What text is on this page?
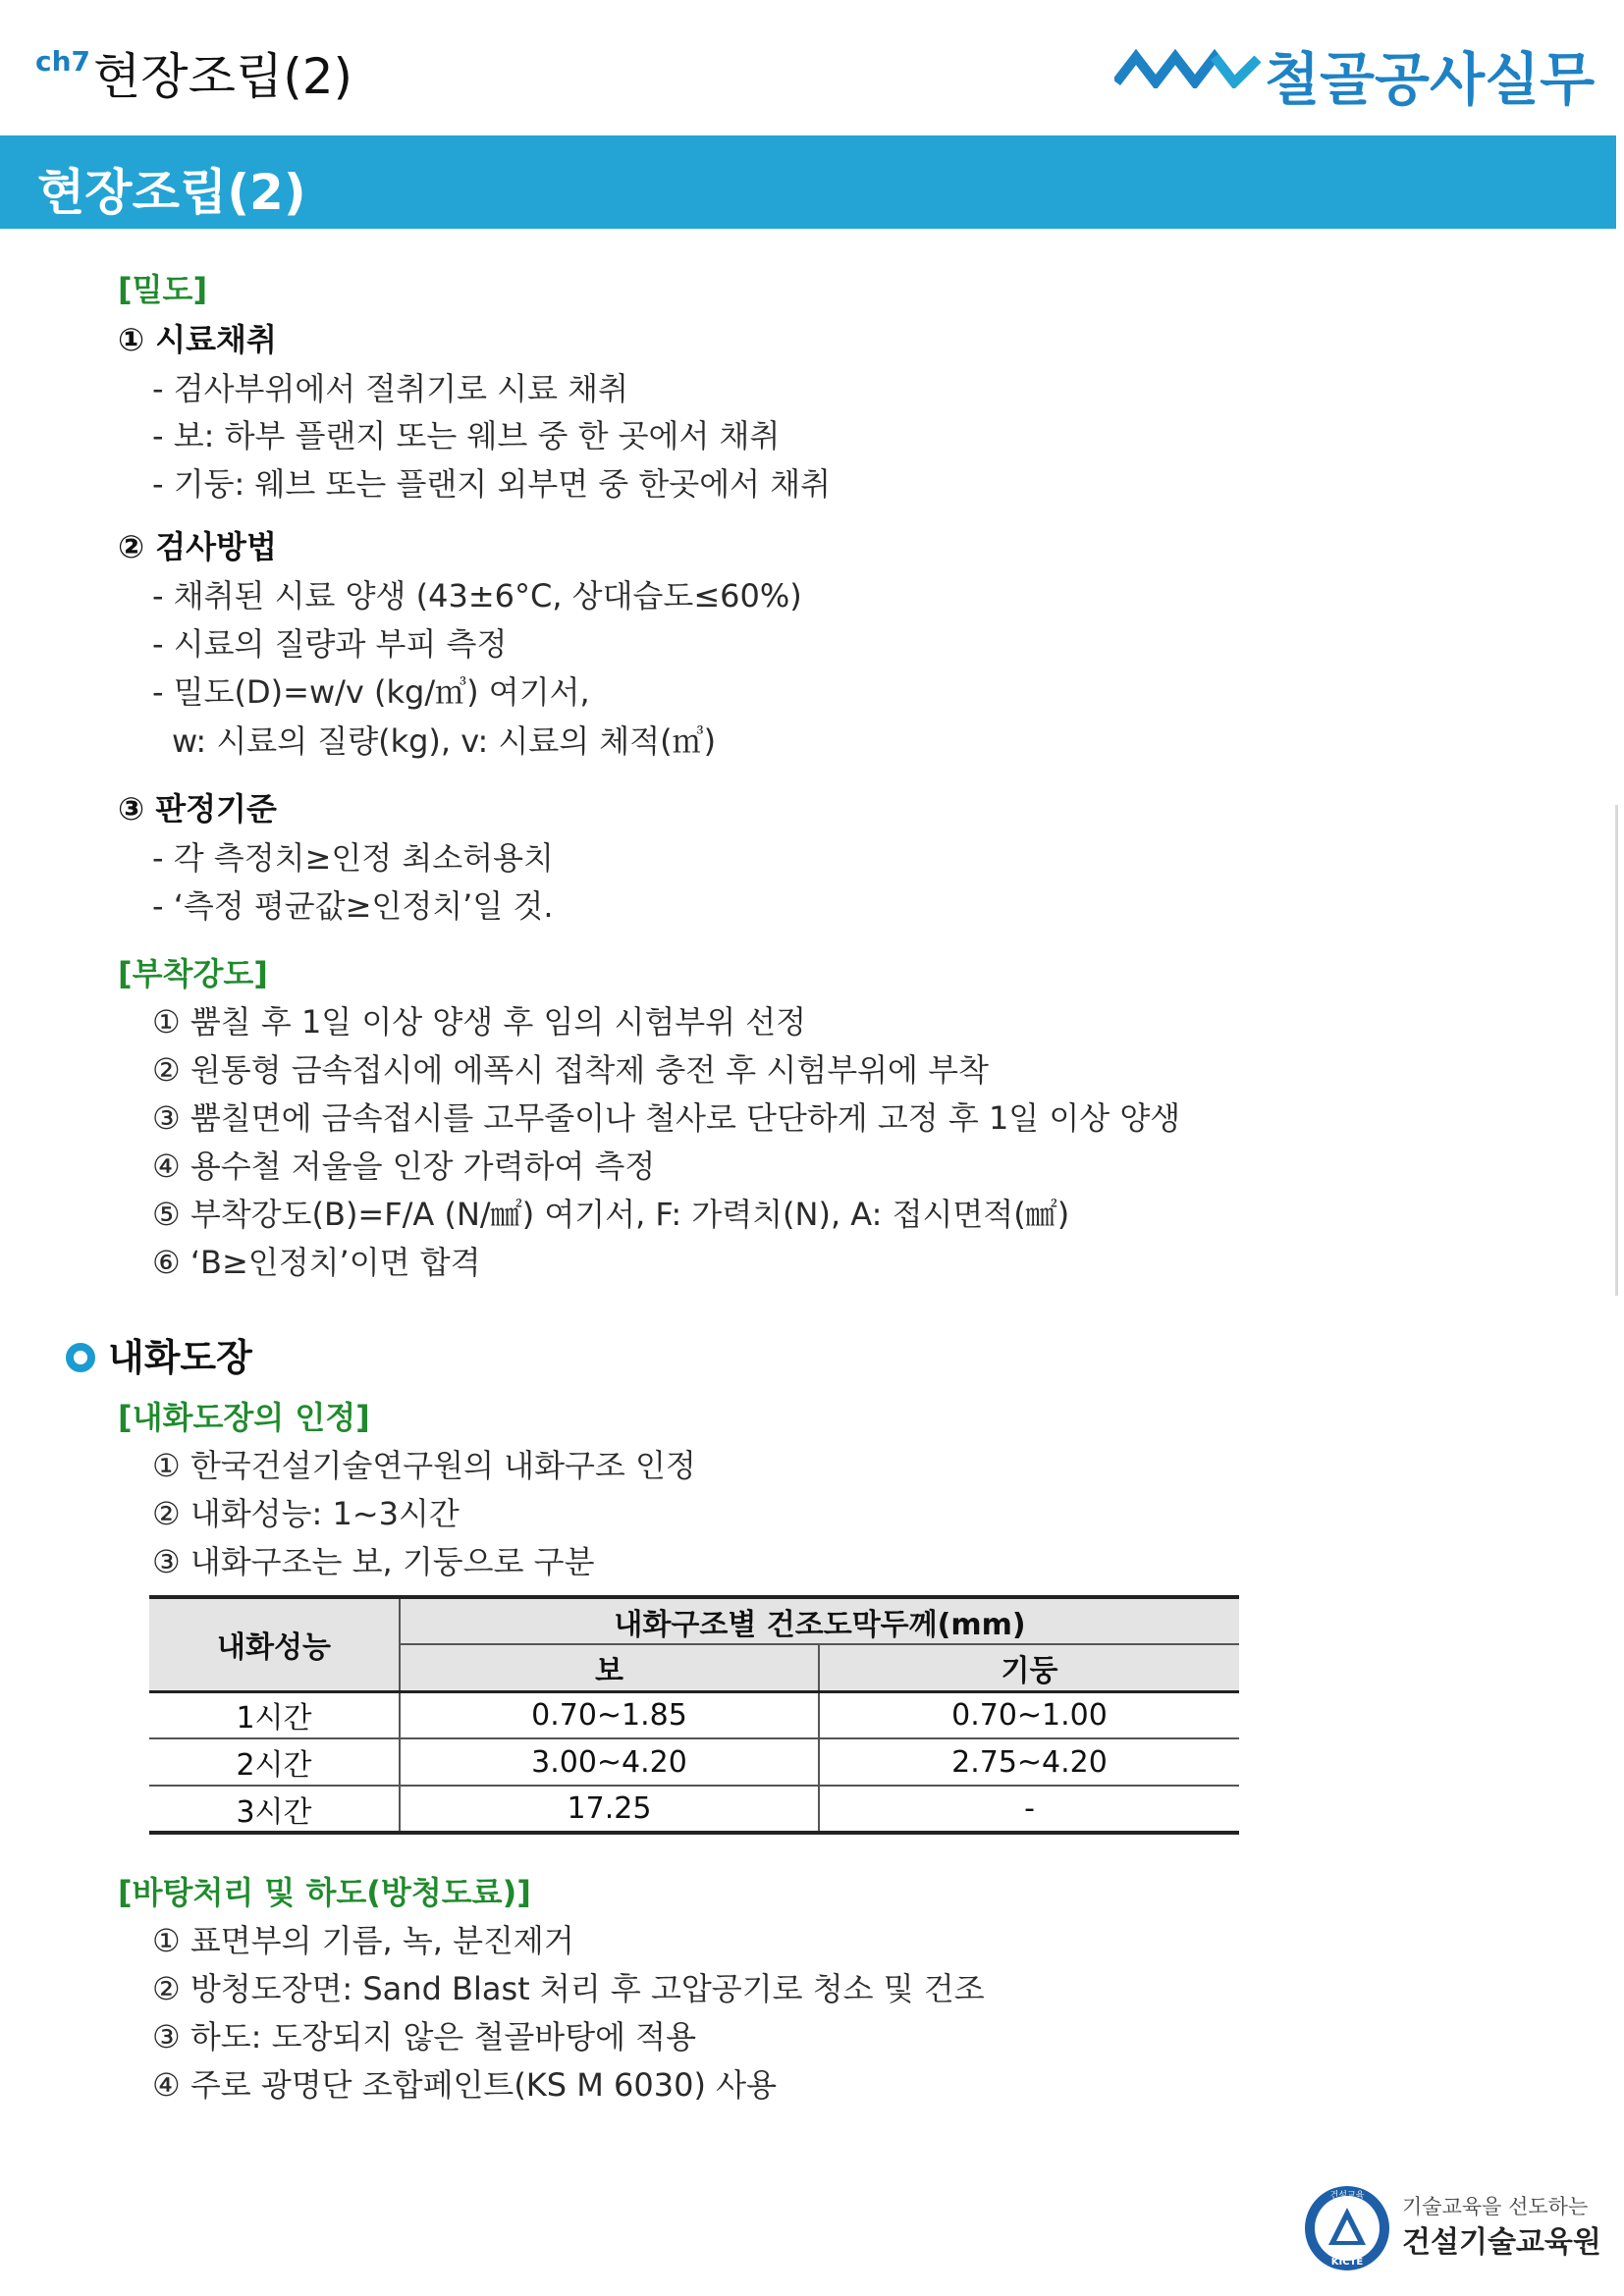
ch7 현장조립(2)	철골공사실무
현장조립(2)
[밀도]
① 시료채취
- 검사부위에서 절취기로 시료 채취
- 보: 하부 플랜지 또는 웨브 중 한 곳에서 채취
- 기둥: 웨브 또는 플랜지 외부면 중 한곳에서 채취
② 검사방법
- 채취된 시료 양생 (43±6°C, 상대습도≤60%)
- 시료의 질량과 부피 측정
- 밀도(D)=w/v (kg/㎥) 여기서,
w: 시료의 질량(kg), v: 시료의 체적(㎥)
③ 판정기준
- 각 측정치≥인정 최소허용치
- ‘측정 평균값≥인정치’일 것.
[부착강도]
① 뿜칠 후 1일 이상 양생 후 임의 시험부위 선정
② 원통형 금속접시에 에폭시 접착제 충전 후 시험부위에 부착
③ 뿜칠면에 금속접시를 고무줄이나 철사로 단단하게 고정 후 1일 이상 양생
④ 용수철 저울을 인장 가력하여 측정
⑤ 부착강도(B)=F/A (N/㎟) 여기서, F: 가력치(N), A: 접시면적(㎟)
⑥ ‘B≥인정치’이면 합격
내화도장
[내화도장의 인정]
① 한국건설기술연구원의 내화구조 인정
② 내화성능: 1~3시간
③ 내화구조는 보, 기둥으로 구분
내화성능	내화구조별 건조도막두께(mm)	
	보	기둥
1시간	0.70~1.85	0.70~1.00
2시간	3.00~4.20	2.75~4.20
3시간	17.25	-
[바탕처리 및 하도(방청도료)]
① 표면부의 기름, 녹, 분진제거
② 방청도장면: Sand Blast 처리 후 고압공기로 청소 및 건조
③ 하도: 도장되지 않은 철골바탕에 적용
④ 주로 광명단 조합페인트(KS M 6030) 사용
건설교육
KICTE
기술교육을 선도하는
건설기술교육원
